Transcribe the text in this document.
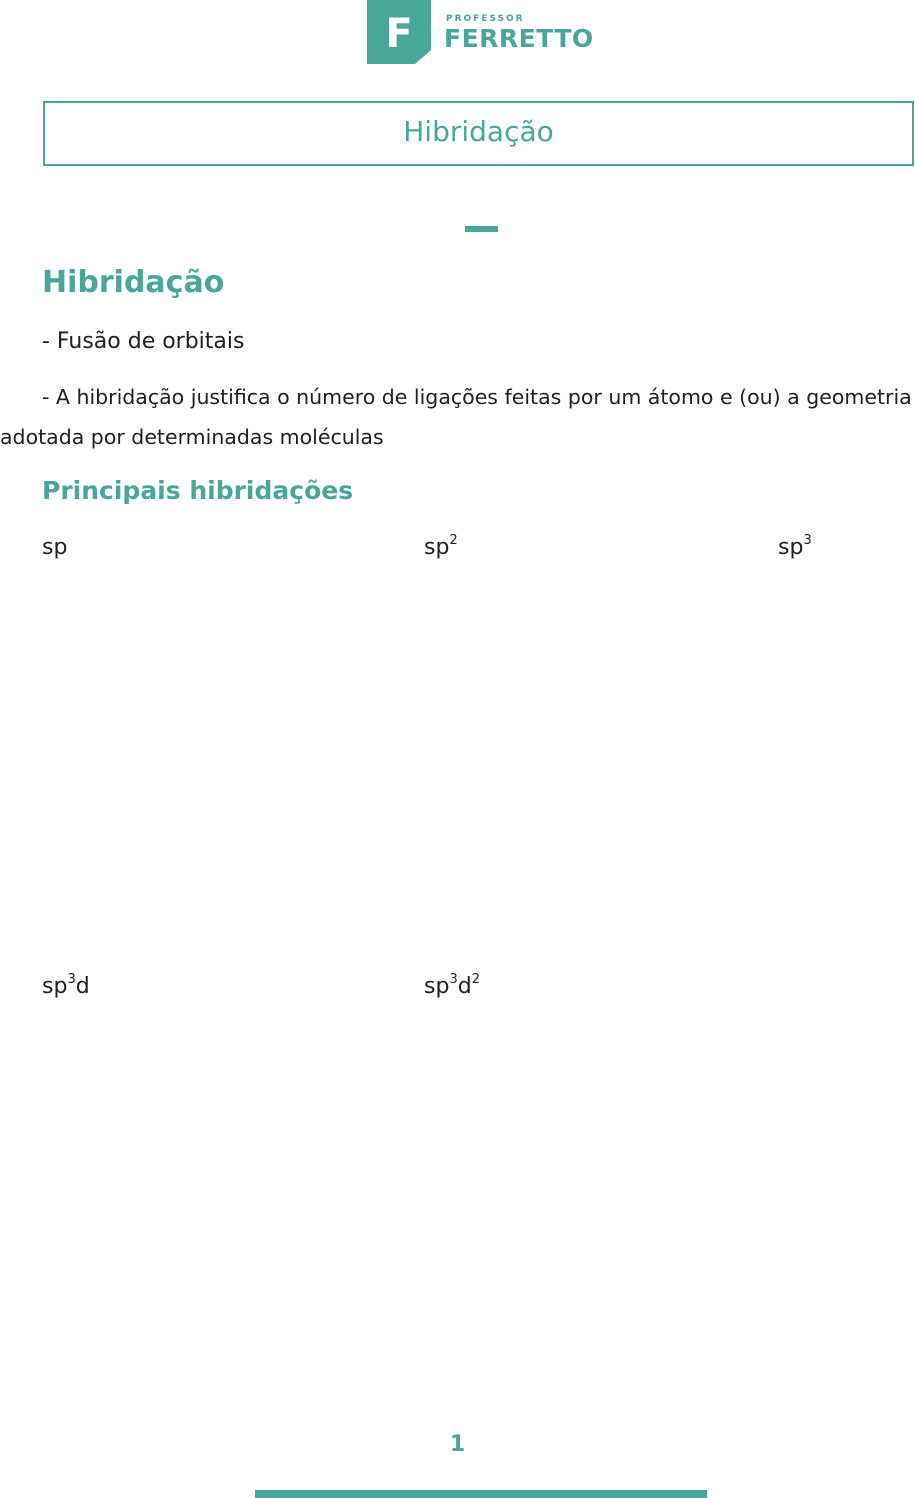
F	PROFESSOR
FERRETTO
Hibridação
Hibridação
- Fusão de orbitais
- A hibridação justifica o número de ligações feitas por um átomo e (ou) a geometria
adotada por determinadas moléculas
Principais hibridações
sp	$sp^2$	$sp^3$
$sp^3d$	$sp^3d^2$
1
